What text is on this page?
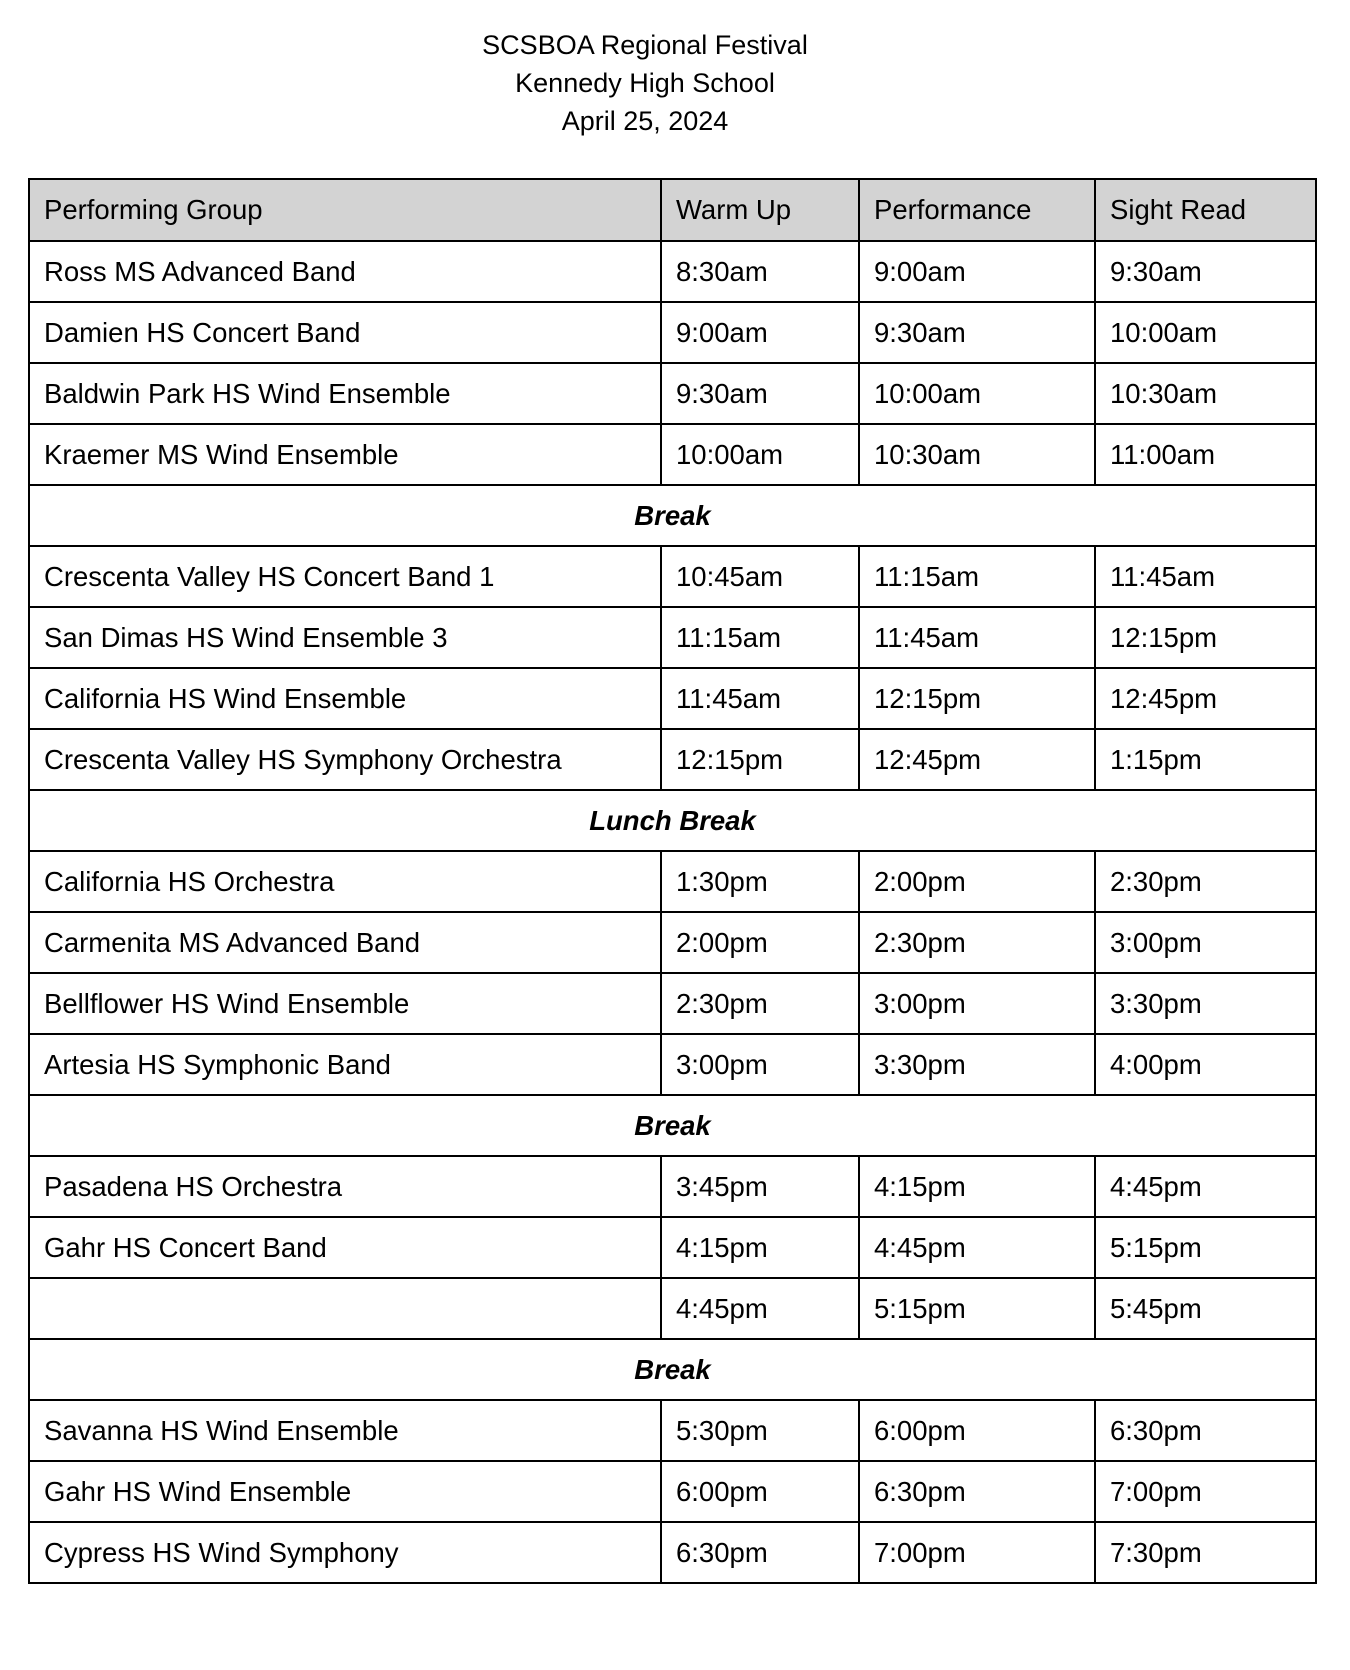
SCSBOA Regional Festival
Kennedy High School
April 25, 2024
Performing Group	Warm Up	Performance	Sight Read
Ross MS Advanced Band	8:30am	9:00am	9:30am
Damien HS Concert Band	9:00am	9:30am	10:00am
Baldwin Park HS Wind Ensemble	9:30am	10:00am	10:30am
Kraemer MS Wind Ensemble	10:00am	10:30am	11:00am
Break			
Crescenta Valley HS Concert Band 1	10:45am	11:15am	11:45am
San Dimas HS Wind Ensemble 3	11:15am	11:45am	12:15pm
California HS Wind Ensemble	11:45am	12:15pm	12:45pm
Crescenta Valley HS Symphony Orchestra	12:15pm	12:45pm	1:15pm
Lunch Break			
California HS Orchestra	1:30pm	2:00pm	2:30pm
Carmenita MS Advanced Band	2:00pm	2:30pm	3:00pm
Bellflower HS Wind Ensemble	2:30pm	3:00pm	3:30pm
Artesia HS Symphonic Band	3:00pm	3:30pm	4:00pm
Break			
Pasadena HS Orchestra	3:45pm	4:15pm	4:45pm
Gahr HS Concert Band	4:15pm	4:45pm	5:15pm
	4:45pm	5:15pm	5:45pm
Break			
Savanna HS Wind Ensemble	5:30pm	6:00pm	6:30pm
Gahr HS Wind Ensemble	6:00pm	6:30pm	7:00pm
Cypress HS Wind Symphony	6:30pm	7:00pm	7:30pm
